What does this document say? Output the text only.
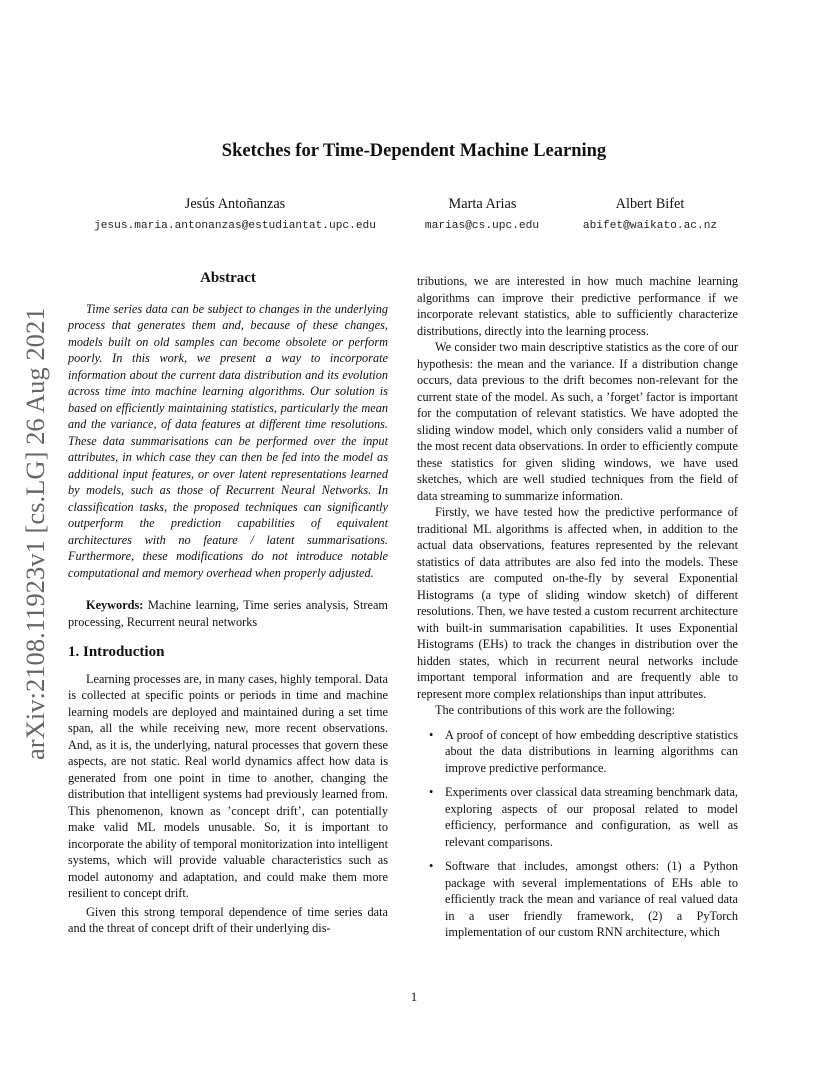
arXiv:2108.11923v1 [cs.LG] 26 Aug 2021
Sketches for Time-Dependent Machine Learning
Jesús Antoñanzas
jesus.maria.antonanzas@estudiantat.upc.edu
Marta Arias
marias@cs.upc.edu
Albert Bifet
abifet@waikato.ac.nz
Abstract

Time series data can be subject to changes in the underlying process that generates them and, because of these changes, models built on old samples can become obsolete or perform poorly. In this work, we present a way to incorporate information about the current data distribution and its evolution across time into machine learning algorithms. Our solution is based on efficiently maintaining statistics, particularly the mean and the variance, of data features at different time resolutions. These data summarisations can be performed over the input attributes, in which case they can then be fed into the model as additional input features, or over latent representations learned by models, such as those of Recurrent Neural Networks. In classification tasks, the proposed techniques can significantly outperform the prediction capabilities of equivalent architectures with no feature / latent summarisations. Furthermore, these modifications do not introduce notable computational and memory overhead when properly adjusted.

Keywords: Machine learning, Time series analysis, Stream processing, Recurrent neural networks

1. Introduction

Learning processes are, in many cases, highly temporal. Data is collected at specific points or periods in time and machine learning models are deployed and maintained during a set time span, all the while receiving new, more recent observations. And, as it is, the underlying, natural processes that govern these aspects, are not static. Real world dynamics affect how data is generated from one point in time to another, changing the distribution that intelligent systems had previously learned from. This phenomenon, known as ’concept drift’, can potentially make valid ML models unusable. So, it is important to incorporate the ability of temporal monitorization into intelligent systems, which will provide valuable characteristics such as model autonomy and adaptation, and could make them more resilient to concept drift.

Given this strong temporal dependence of time series data and the threat of concept drift of their underlying dis-

tributions, we are interested in how much machine learning algorithms can improve their predictive performance if we incorporate relevant statistics, able to sufficiently characterize distributions, directly into the learning process.

We consider two main descriptive statistics as the core of our hypothesis: the mean and the variance. If a distribution change occurs, data previous to the drift becomes non-relevant for the current state of the model. As such, a ’forget’ factor is important for the computation of relevant statistics. We have adopted the sliding window model, which only considers valid a number of the most recent data observations. In order to efficiently compute these statistics for given sliding windows, we have used sketches, which are well studied techniques from the field of data streaming to summarize information.

Firstly, we have tested how the predictive performance of traditional ML algorithms is affected when, in addition to the actual data observations, features represented by the relevant statistics of data attributes are also fed into the models. These statistics are computed on-the-fly by several Exponential Histograms (a type of sliding window sketch) of different resolutions. Then, we have tested a custom recurrent architecture with built-in summarisation capabilities. It uses Exponential Histograms (EHs) to track the changes in distribution over the hidden states, which in recurrent neural networks include important temporal information and are frequently able to represent more complex relationships than input attributes.

The contributions of this work are the following:

• A proof of concept of how embedding descriptive statistics about the data distributions in learning algorithms can improve predictive performance.
• Experiments over classical data streaming benchmark data, exploring aspects of our proposal related to model efficiency, performance and configuration, as well as relevant comparisons.
• Software that includes, amongst others: (1) a Python package with several implementations of EHs able to efficiently track the mean and variance of real valued data in a user friendly framework, (2) a PyTorch implementation of our custom RNN architecture, which
1
